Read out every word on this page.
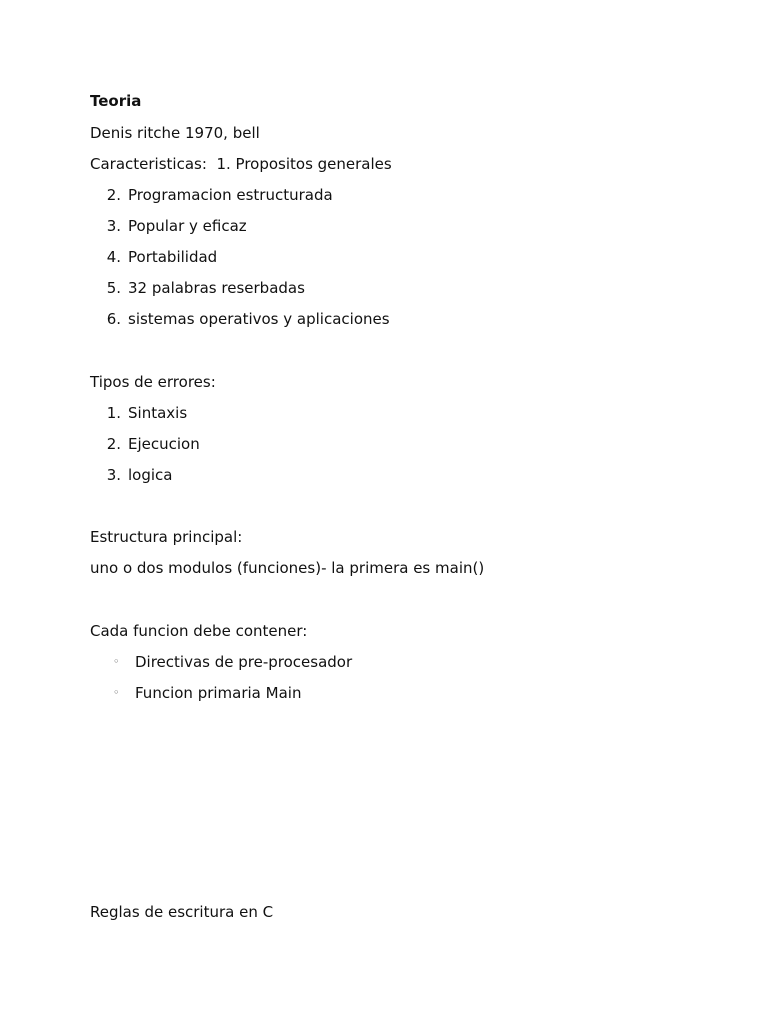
Teoria
Denis ritche 1970, bell
Caracteristicas: 1. Propositos generales
2. Programacion estructurada
3. Popular y eficaz
4. Portabilidad
5. 32 palabras reserbadas
6. sistemas operativos y aplicaciones
Tipos de errores:
1. Sintaxis
2. Ejecucion
3. logica
Estructura principal:
uno o dos modulos (funciones)- la primera es main()
Cada funcion debe contener:
◦ Directivas de pre-procesador
◦ Funcion primaria Main
Reglas de escritura en C
